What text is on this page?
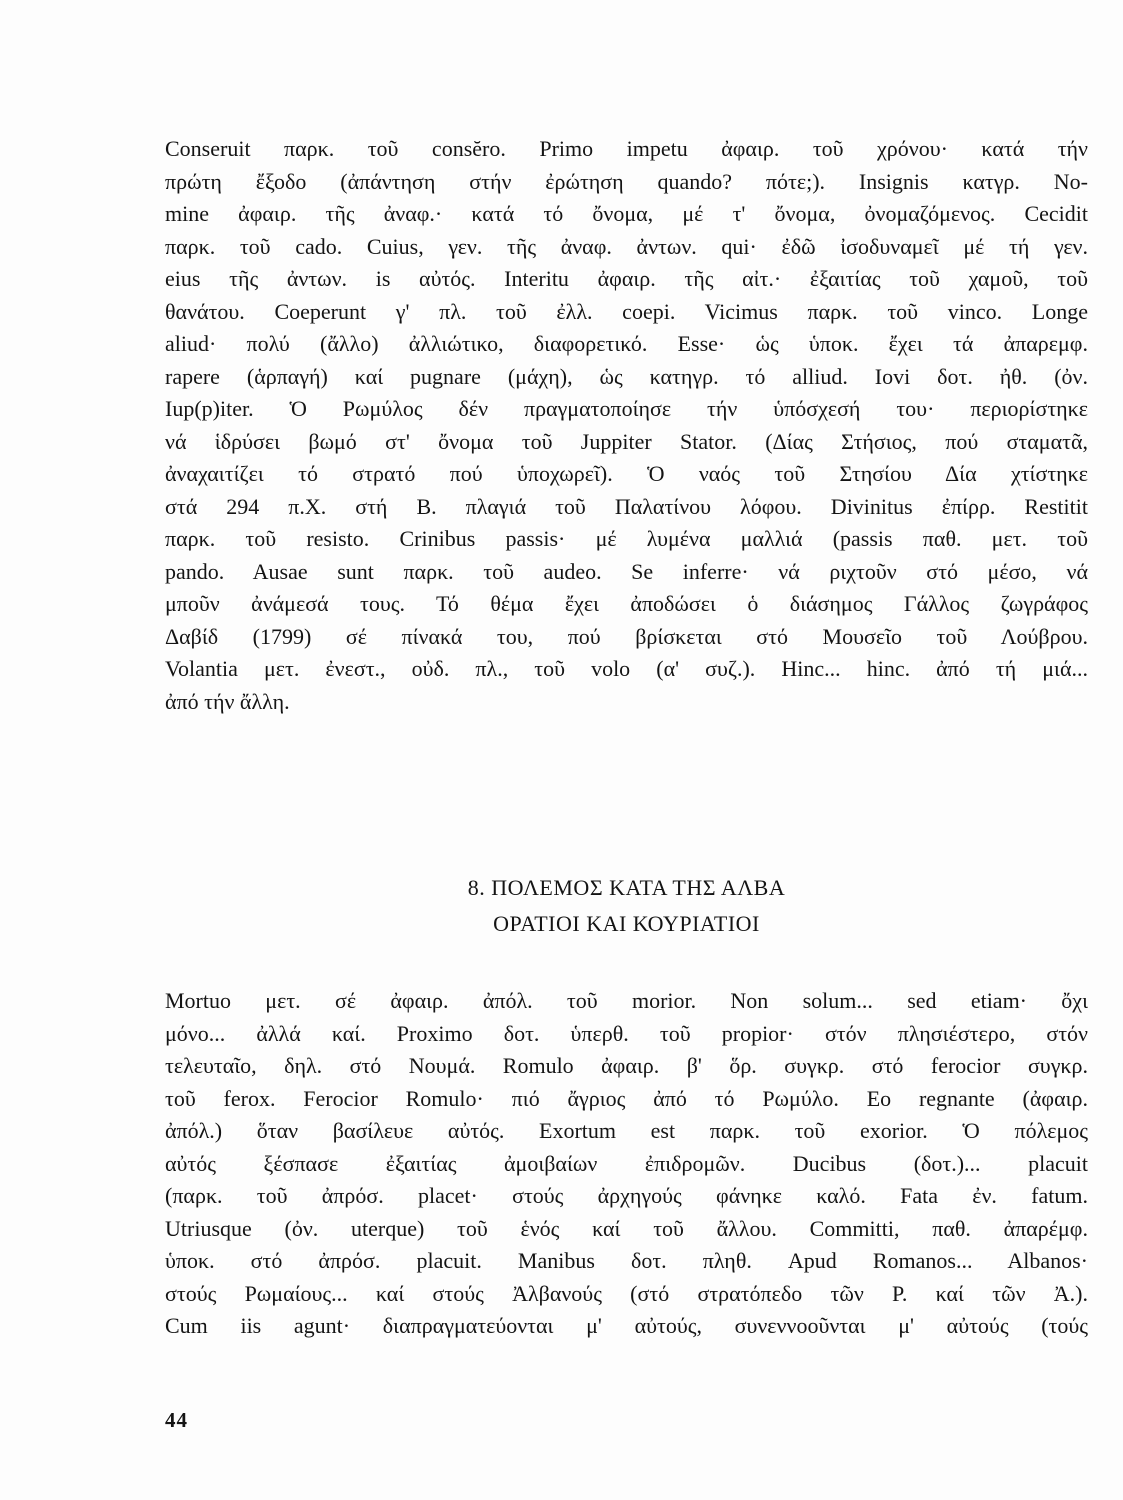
Conseruit παρκ. τοῦ consĕro. Primo impetu ἀφαιρ. τοῦ χρόνου· κατά τήν
πρώτη ἔξοδο (ἀπάντηση στήν ἐρώτηση quando? πότε;). Insignis κατγρ. No-
mine ἀφαιρ. τῆς ἀναφ.· κατά τό ὄνομα, μέ τ' ὄνομα, ὀνομαζόμενος. Cecidit
παρκ. τοῦ cado. Cuius, γεν. τῆς ἀναφ. ἀντων. qui· ἐδῶ ἰσοδυναμεῖ μέ τή γεν.
eius τῆς ἀντων. is αὐτός. Interitu ἀφαιρ. τῆς αἰτ.· ἐξαιτίας τοῦ χαμοῦ, τοῦ
θανάτου. Coeperunt γ' πλ. τοῦ ἐλλ. coepi. Vicimus παρκ. τοῦ vinco. Longe
aliud· πολύ (ἄλλο) ἀλλιώτικο, διαφορετικό. Esse· ὡς ὑποκ. ἔχει τά ἀπαρεμφ.
rapere (ἁρπαγή) καί pugnare (μάχη), ὡς κατηγρ. τό alliud. Iovi δοτ. ἠθ. (ὀν.
Iup(p)iter. Ὁ Ρωμύλος δέν πραγματοποίησε τήν ὑπόσχεσή του· περιορίστηκε
νά ἱδρύσει βωμό στ' ὄνομα τοῦ Juppiter Stator. (Δίας Στήσιος, πού σταματᾶ,
ἀναχαιτίζει τό στρατό πού ὑποχωρεῖ). Ὁ ναός τοῦ Στησίου Δία χτίστηκε
στά 294 π.Χ. στή Β. πλαγιά τοῦ Παλατίνου λόφου. Divinitus ἐπίρρ. Restitit
παρκ. τοῦ resisto. Crinibus passis· μέ λυμένα μαλλιά (passis παθ. μετ. τοῦ
pando. Ausae sunt παρκ. τοῦ audeo. Se inferre· νά ριχτοῦν στό μέσο, νά
μποῦν ἀνάμεσά τους. Τό θέμα ἔχει ἀποδώσει ὁ διάσημος Γάλλος ζωγράφος
Δαβίδ (1799) σέ πίνακά του, πού βρίσκεται στό Μουσεῖο τοῦ Λούβρου.
Volantia μετ. ἐνεστ., οὐδ. πλ., τοῦ volo (α' συζ.). Hinc... hinc. ἀπό τή μιά...
ἀπό τήν ἄλλη.
8. ΠΟΛΕΜΟΣ ΚΑΤΑ ΤΗΣ ΑΛΒΑ
ΟΡΑΤΙΟΙ ΚΑΙ ΚΟΥΡΙΑΤΙΟΙ
Mortuo μετ. σέ ἀφαιρ. ἀπόλ. τοῦ morior. Non solum... sed etiam· ὄχι
μόνο... ἀλλά καί. Proximo δοτ. ὑπερθ. τοῦ propior· στόν πλησιέστερο, στόν
τελευταῖο, δηλ. στό Νουμά. Romulo ἀφαιρ. β' ὅρ. συγκρ. στό ferocior συγκρ.
τοῦ ferox. Ferocior Romulo· πιό ἄγριος ἀπό τό Ρωμύλο. Eo regnante (ἀφαιρ.
ἀπόλ.) ὅταν βασίλευε αὐτός. Exortum est παρκ. τοῦ exorior. Ὁ πόλεμος
αὐτός ξέσπασε ἐξαιτίας ἀμοιβαίων ἐπιδρομῶν. Ducibus (δοτ.)... placuit
(παρκ. τοῦ ἀπρόσ. placet· στούς ἀρχηγούς φάνηκε καλό. Fata ἐν. fatum.
Utriusque (ὀν. uterque) τοῦ ἑνός καί τοῦ ἄλλου. Committi, παθ. ἀπαρέμφ.
ὑποκ. στό ἀπρόσ. placuit. Manibus δοτ. πληθ. Apud Romanos... Albanos·
στούς Ρωμαίους... καί στούς Ἀλβανούς (στό στρατόπεδο τῶν Ρ. καί τῶν Ἀ.).
Cum iis agunt· διαπραγματεύονται μ' αὐτούς, συνεννοοῦνται μ' αὐτούς (τούς
44
